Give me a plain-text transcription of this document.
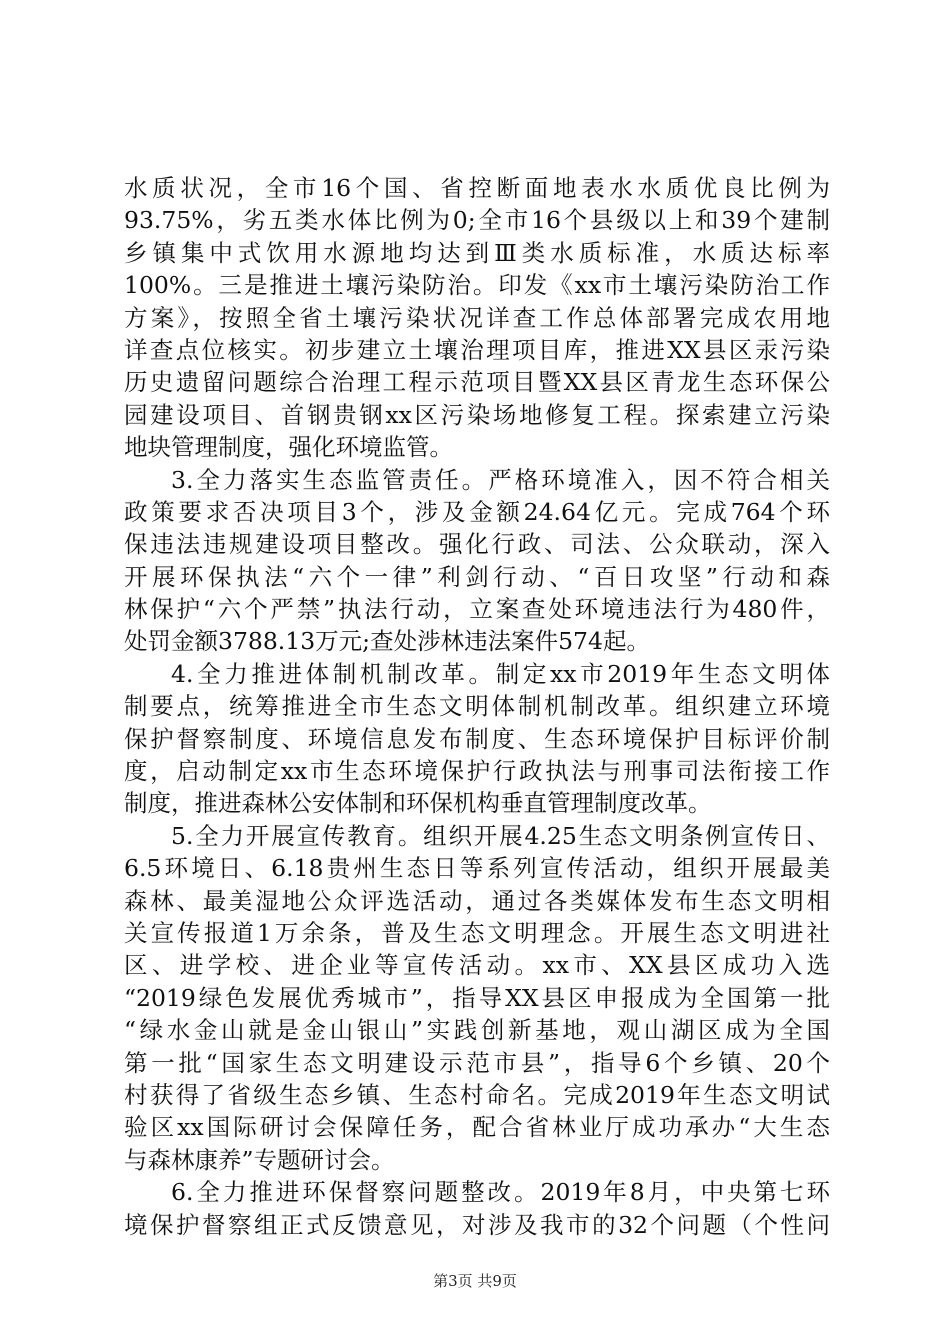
水质状况，全市16个国、省控断面地表水水质优良比例为
93.75%，劣五类水体比例为0;全市16个县级以上和39个建制
乡镇集中式饮用水源地均达到Ⅲ类水质标准，水质达标率
100%。三是推进土壤污染防治。印发《xx市土壤污染防治工作
方案》，按照全省土壤污染状况详查工作总体部署完成农用地
详查点位核实。初步建立土壤治理项目库，推进XX县区汞污染
历史遗留问题综合治理工程示范项目暨XX县区青龙生态环保公
园建设项目、首钢贵钢xx区污染场地修复工程。探索建立污染
地块管理制度，强化环境监管。
3.全力落实生态监管责任。严格环境准入，因不符合相关
政策要求否决项目3个，涉及金额24.64亿元。完成764个环
保违法违规建设项目整改。强化行政、司法、公众联动，深入
开展环保执法“六个一律”利剑行动、“百日攻坚”行动和森
林保护“六个严禁”执法行动，立案查处环境违法行为480件，
处罚金额3788.13万元;查处涉林违法案件574起。
4.全力推进体制机制改革。制定xx市2019年生态文明体
制要点，统筹推进全市生态文明体制机制改革。组织建立环境
保护督察制度、环境信息发布制度、生态环境保护目标评价制
度，启动制定xx市生态环境保护行政执法与刑事司法衔接工作
制度，推进森林公安体制和环保机构垂直管理制度改革。
5.全力开展宣传教育。组织开展4.25生态文明条例宣传日、
6.5环境日、6.18贵州生态日等系列宣传活动，组织开展最美
森林、最美湿地公众评选活动，通过各类媒体发布生态文明相
关宣传报道1万余条，普及生态文明理念。开展生态文明进社
区、进学校、进企业等宣传活动。xx市、XX县区成功入选
“2019绿色发展优秀城市”，指导XX县区申报成为全国第一批
“绿水金山就是金山银山”实践创新基地，观山湖区成为全国
第一批“国家生态文明建设示范市县”，指导6个乡镇、20个
村获得了省级生态乡镇、生态村命名。完成2019年生态文明试
验区xx国际研讨会保障任务，配合省林业厅成功承办“大生态
与森林康养”专题研讨会。
6.全力推进环保督察问题整改。2019年8月，中央第七环
境保护督察组正式反馈意见，对涉及我市的32个问题（个性问
第3页 共9页
